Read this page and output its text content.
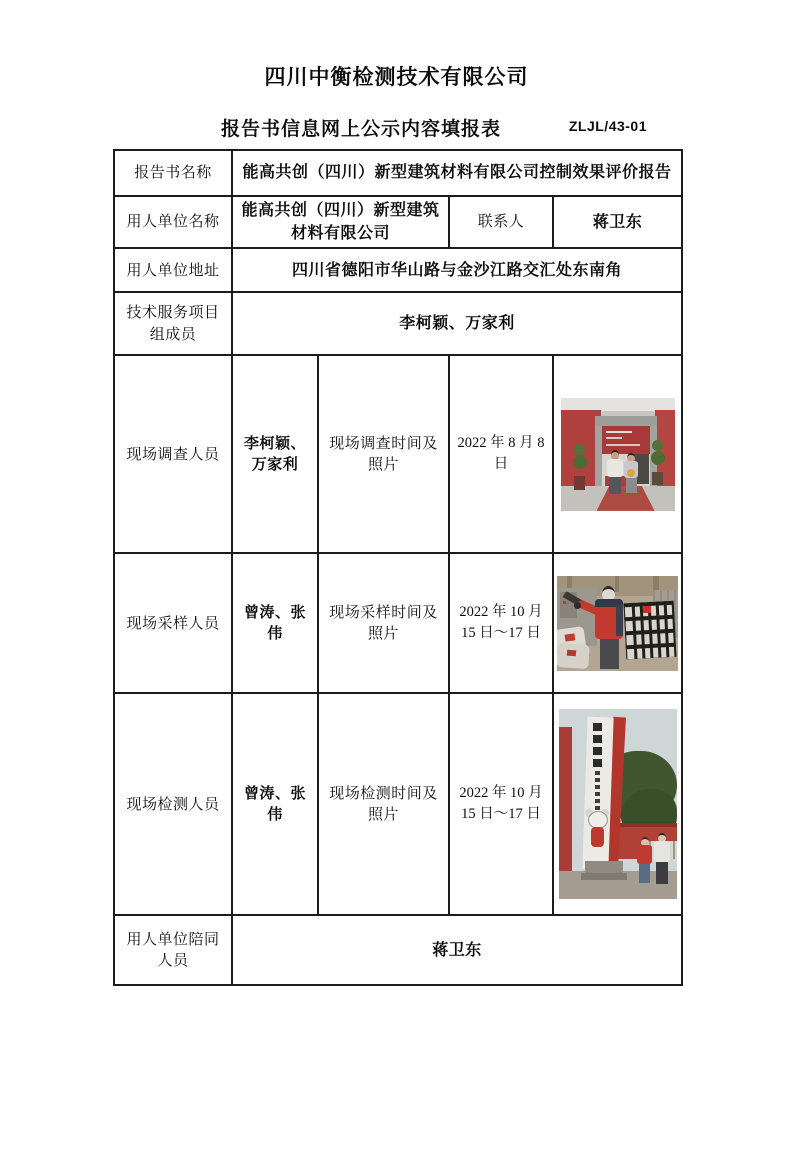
四川中衡检测技术有限公司
报告书信息网上公示内容填报表	ZLJL/43-01
报告书名称	能高共创（四川）新型建筑材料有限公司控制效果评价报告			
用人单位名称	能高共创（四川）新型建筑材料有限公司		联系人	蒋卫东
用人单位地址	四川省德阳市华山路与金沙江路交汇处东南角			
技术服务项目组成员	李柯颖、万家利			
现场调查人员	李柯颖、万家利	现场调查时间及照片	2022 年 8 月 8 日	

现场采样人员	曾涛、张伟	现场采样时间及照片	2022 年 10 月 15 日～17 日	

现场检测人员	曾涛、张伟	现场检测时间及照片	2022 年 10 月 15 日～17 日	

用人单位陪同人员	蒋卫东			
